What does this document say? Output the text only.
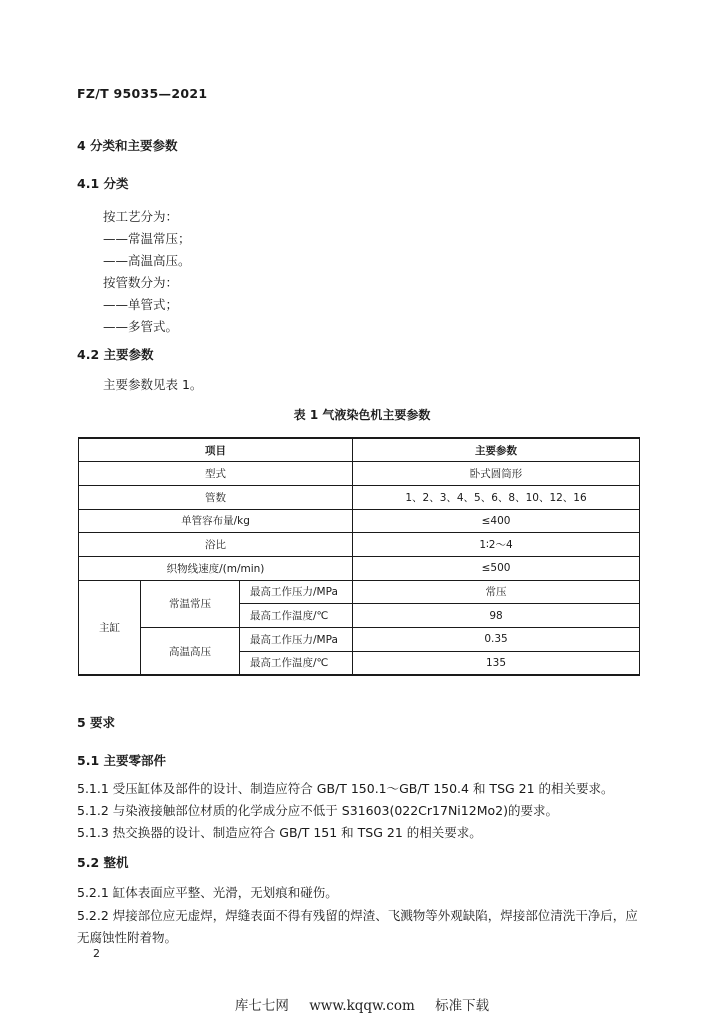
FZ/T 95035—2021
4 分类和主要参数
4.1 分类
按工艺分为：
——常温常压；
——高温高压。
按管数分为：
——单管式；
——多管式。
4.2 主要参数
主要参数见表 1。
表 1 气液染色机主要参数
项目			主要参数
型式			卧式圆筒形
管数			1、2、3、4、5、6、8、10、12、16
单管容布量/kg			≤400
浴比			1∶2～4
织物线速度/(m/min)			≤500
主缸	常温常压	最高工作压力/MPa	常压
		最高工作温度/℃	98
	高温高压	最高工作压力/MPa	0.35
		最高工作温度/℃	135
5 要求
5.1 主要零部件
5.1.1 受压缸体及部件的设计、制造应符合 GB/T 150.1～GB/T 150.4 和 TSG 21 的相关要求。
5.1.2 与染液接触部位材质的化学成分应不低于 S31603(022Cr17Ni12Mo2)的要求。
5.1.3 热交换器的设计、制造应符合 GB/T 151 和 TSG 21 的相关要求。
5.2 整机
5.2.1 缸体表面应平整、光滑，无划痕和碰伤。
5.2.2 焊接部位应无虚焊，焊缝表面不得有残留的焊渣、飞溅物等外观缺陷，焊接部位清洗干净后，应
无腐蚀性附着物。
2
库七七网 www.kqqw.com 标准下载
